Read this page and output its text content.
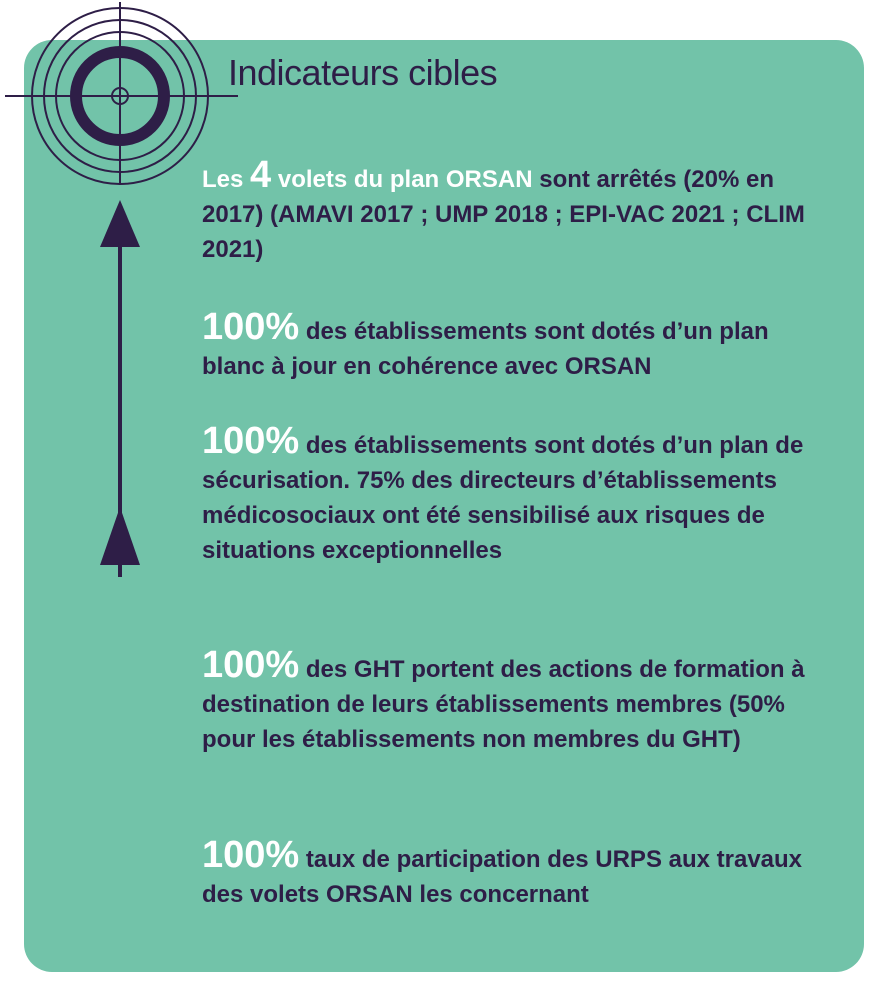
Indicateurs cibles
Les 4 volets du plan ORSAN sont arrêtés (20% en 2017) (AMAVI 2017 ; UMP 2018 ; EPI-VAC 2021 ; CLIM 2021)
100% des établissements sont dotés d’un plan blanc à jour en cohérence avec ORSAN
100% des établissements sont dotés d’un plan de sécurisation. 75% des directeurs d’établissements médicosociaux ont été sensibilisé aux risques de situations exceptionnelles
100% des GHT portent des actions de formation à destination de leurs établissements membres (50% pour les établissements non membres du GHT)
100% taux de participation des URPS aux travaux des volets ORSAN les concernant
